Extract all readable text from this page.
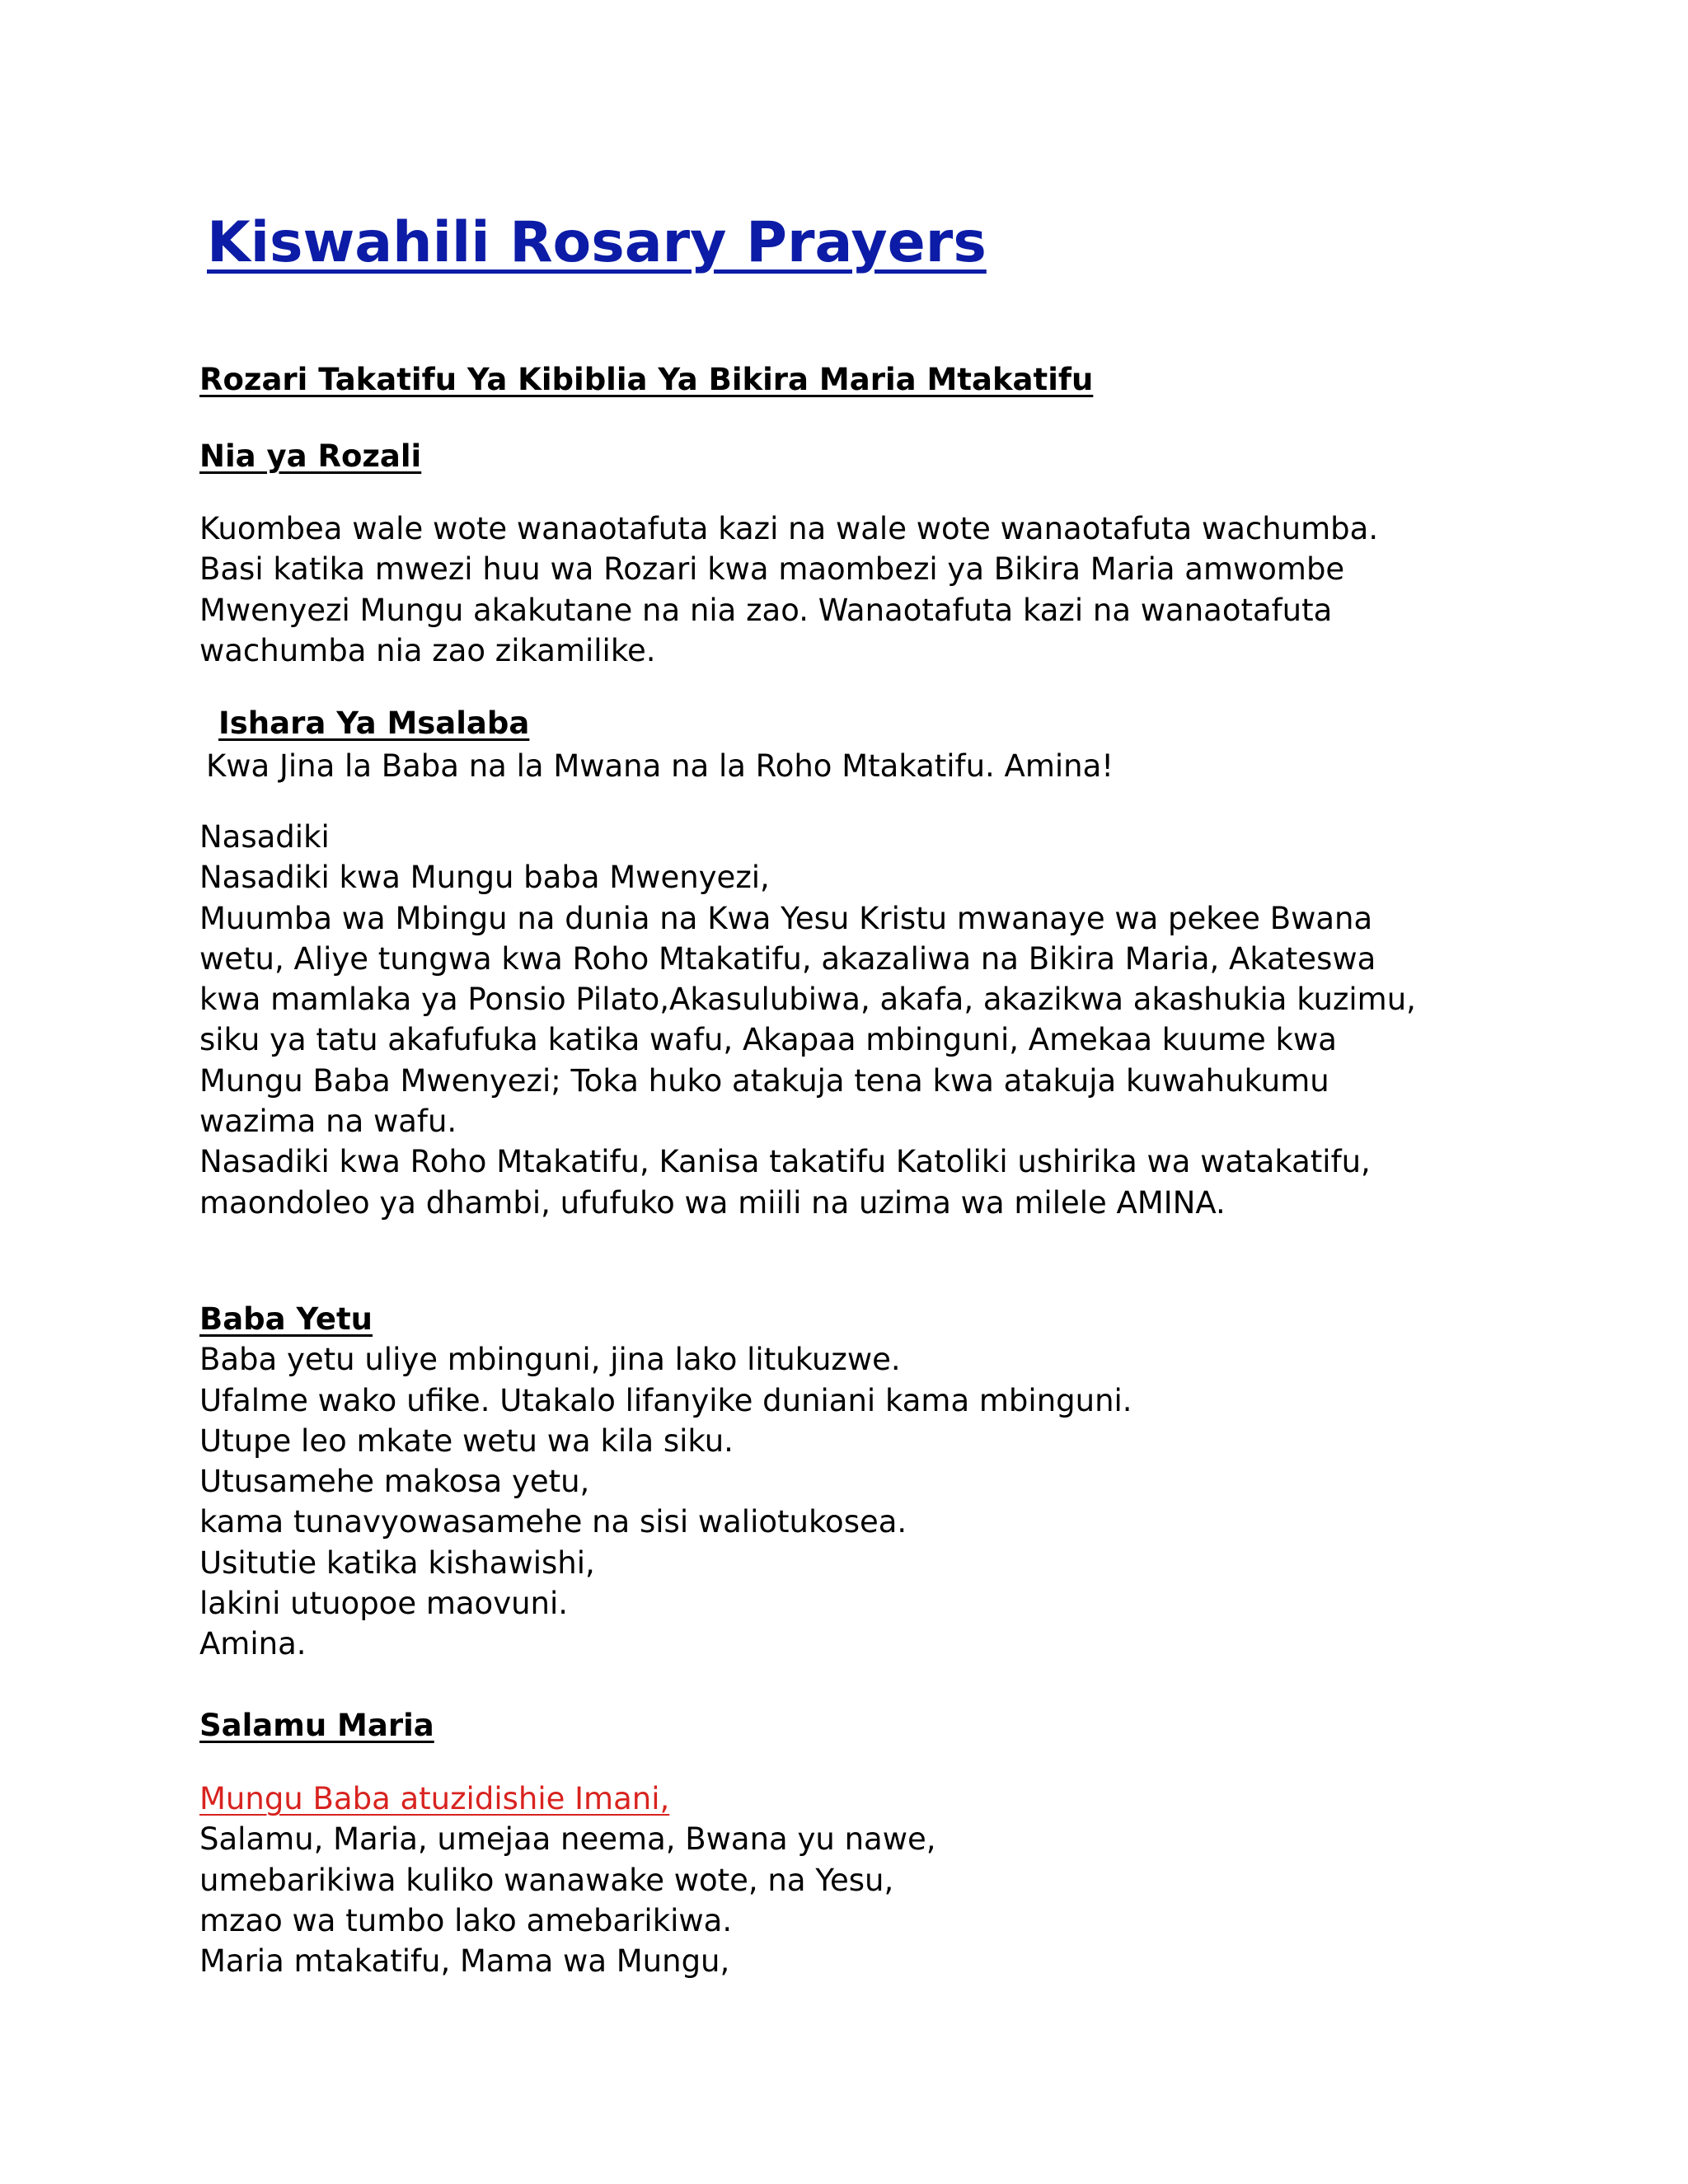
Kiswahili Rosary Prayers
Rozari Takatifu Ya Kibiblia Ya Bikira Maria Mtakatifu
Nia ya Rozali
Kuombea wale wote wanaotafuta kazi na wale wote wanaotafuta wachumba.
Basi katika mwezi huu wa Rozari kwa maombezi ya Bikira Maria amwombe
Mwenyezi Mungu akakutane na nia zao. Wanaotafuta kazi na wanaotafuta
wachumba nia zao zikamilike.
Ishara Ya Msalaba
Kwa Jina la Baba na la Mwana na la Roho Mtakatifu. Amina!
Nasadiki
Nasadiki kwa Mungu baba Mwenyezi,
Muumba wa Mbingu na dunia na Kwa Yesu Kristu mwanaye wa pekee Bwana
wetu, Aliye tungwa kwa Roho Mtakatifu, akazaliwa na Bikira Maria, Akateswa
kwa mamlaka ya Ponsio Pilato,Akasulubiwa, akafa, akazikwa akashukia kuzimu,
siku ya tatu akafufuka katika wafu, Akapaa mbinguni, Amekaa kuume kwa
Mungu Baba Mwenyezi; Toka huko atakuja tena kwa atakuja kuwahukumu
wazima na wafu.
Nasadiki kwa Roho Mtakatifu, Kanisa takatifu Katoliki ushirika wa watakatifu,
maondoleo ya dhambi, ufufuko wa miili na uzima wa milele AMINA.
Baba Yetu
Baba yetu uliye mbinguni, jina lako litukuzwe.
Ufalme wako ufike. Utakalo lifanyike duniani kama mbinguni.
Utupe leo mkate wetu wa kila siku.
Utusamehe makosa yetu,
kama tunavyowasamehe na sisi waliotukosea.
Usitutie katika kishawishi,
lakini utuopoe maovuni.
Amina.
Salamu Maria
Mungu Baba atuzidishie Imani,
Salamu, Maria, umejaa neema, Bwana yu nawe,
umebarikiwa kuliko wanawake wote, na Yesu,
mzao wa tumbo lako amebarikiwa.
Maria mtakatifu, Mama wa Mungu,
